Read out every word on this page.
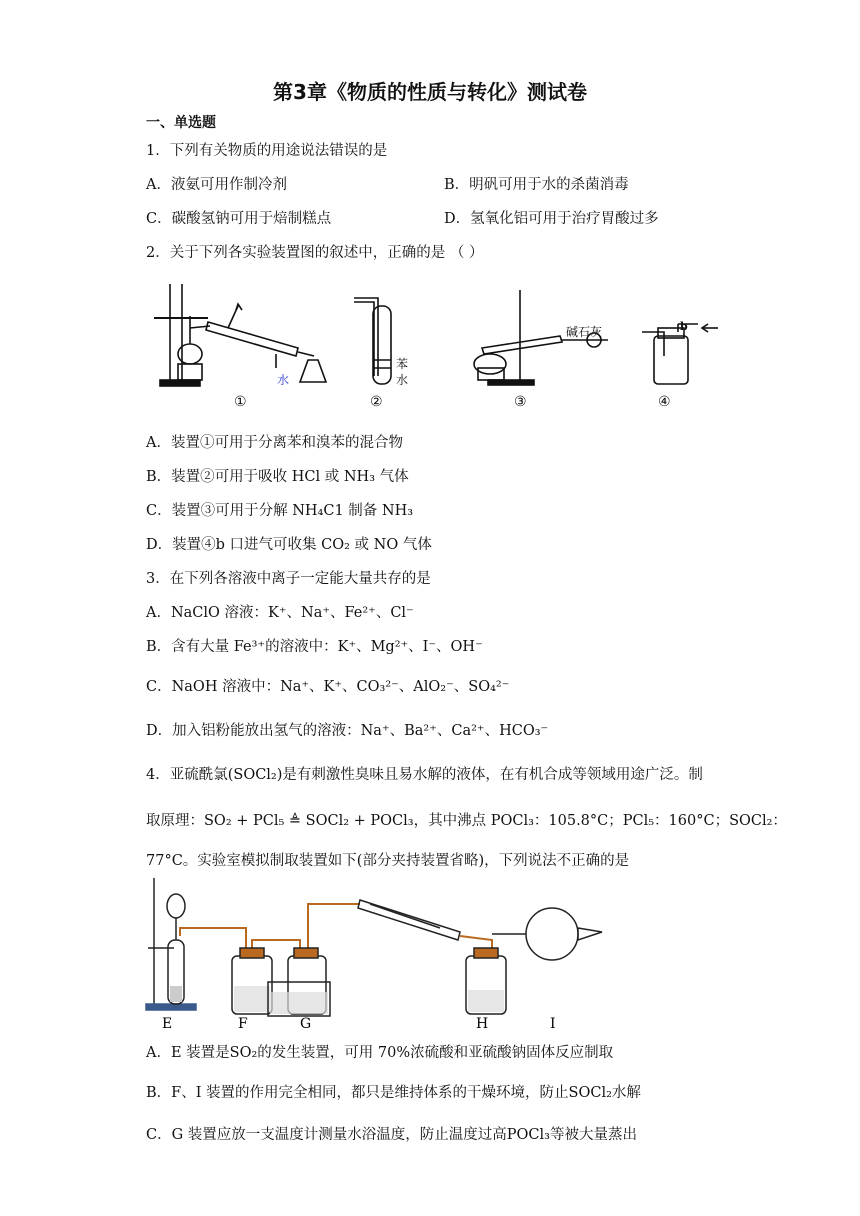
第3章《物质的性质与转化》测试卷
一、单选题
1．下列有关物质的用途说法错误的是
A．液氨可用作制冷剂	B．明矾可用于水的杀菌消毒
C．碳酸氢钠可用于焙制糕点	D．氢氧化铝可用于治疗胃酸过多
2．关于下列各实验装置图的叙述中，正确的是 （ ）
水
苯
水
碱石灰	b
①	②	③	④
A．装置①可用于分离苯和溴苯的混合物
B．装置②可用于吸收 HCl 或 NH₃ 气体
C．装置③可用于分解 NH₄C1 制备 NH₃
D．装置④b 口进气可收集 CO₂ 或 NO 气体
3．在下列各溶液中离子一定能大量共存的是
A．NaClO 溶液：K⁺、Na⁺、Fe²⁺、Cl⁻
B．含有大量 Fe³⁺的溶液中：K⁺、Mg²⁺、I⁻、OH⁻
C．NaOH 溶液中：Na⁺、K⁺、CO₃²⁻、AlO₂⁻、SO₄²⁻
D．加入铝粉能放出氢气的溶液：Na⁺、Ba²⁺、Ca²⁺、HCO₃⁻
4．亚硫酰氯(SOCl₂)是有刺激性臭味且易水解的液体，在有机合成等领域用途广泛。制
取原理：SO₂ + PCl₅ ≜ SOCl₂ + POCl₃，其中沸点 POCl₃：105.8°C；PCl₅：160°C；SOCl₂：
77°C。实验室模拟制取装置如下(部分夹持装置省略)，下列说法不正确的是
E	F	G	H	I
A．E 装置是SO₂的发生装置，可用 70%浓硫酸和亚硫酸钠固体反应制取
B．F、I 装置的作用完全相同，都只是维持体系的干燥环境，防止SOCl₂水解
C．G 装置应放一支温度计测量水浴温度，防止温度过高POCl₃等被大量蒸出
